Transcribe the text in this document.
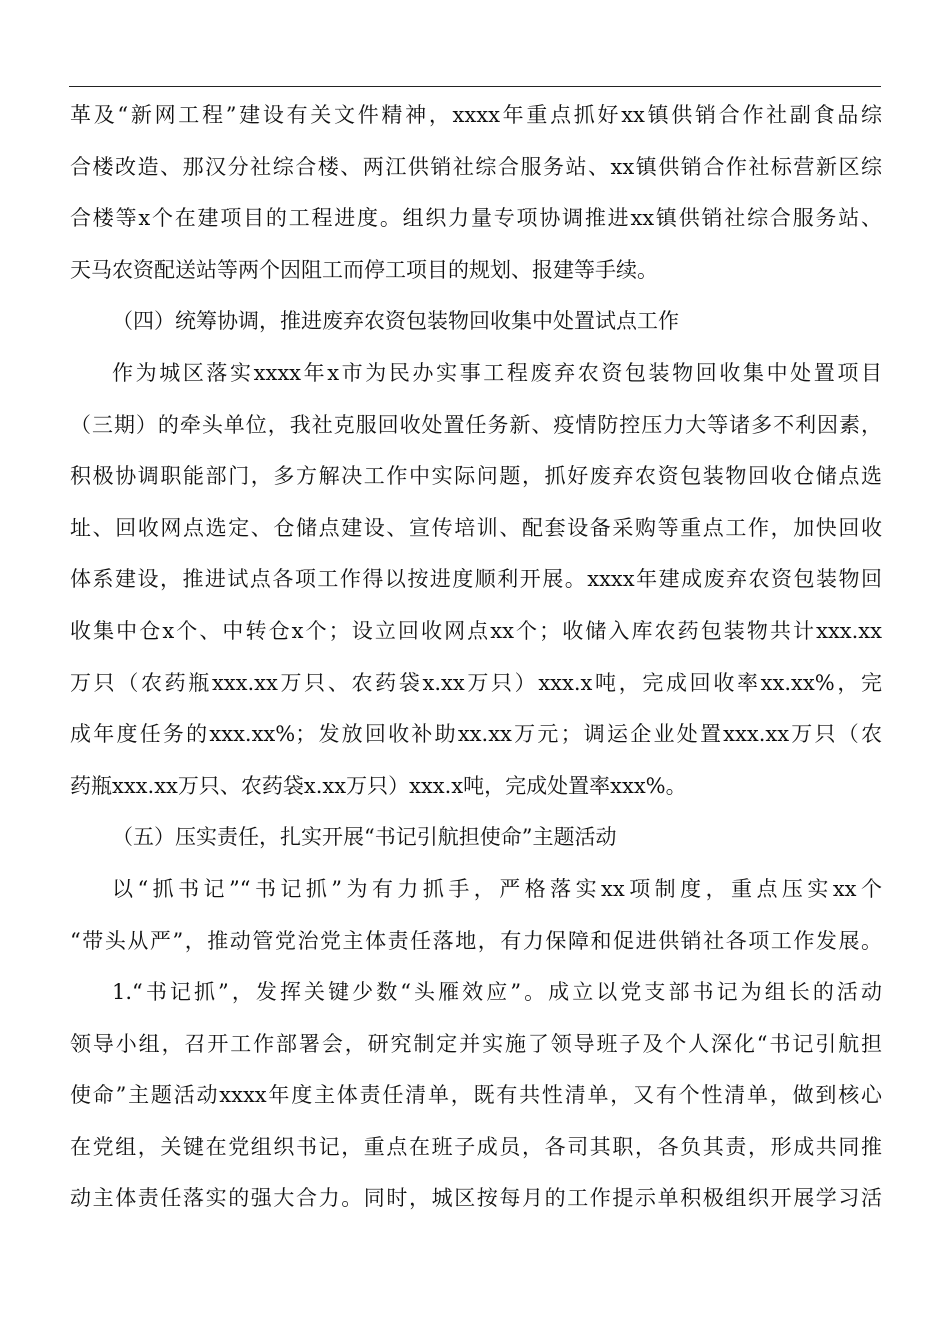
革及“新网工程”建设有关文件精神，xxxx年重点抓好xx镇供销合作社副食品综
合楼改造、那汉分社综合楼、两江供销社综合服务站、xx镇供销合作社标营新区综
合楼等x个在建项目的工程进度。组织力量专项协调推进xx镇供销社综合服务站、
天马农资配送站等两个因阻工而停工项目的规划、报建等手续。
（四）统筹协调，推进废弃农资包装物回收集中处置试点工作
作为城区落实xxxx年x市为民办实事工程废弃农资包装物回收集中处置项目
（三期）的牵头单位，我社克服回收处置任务新、疫情防控压力大等诸多不利因素，
积极协调职能部门，多方解决工作中实际问题，抓好废弃农资包装物回收仓储点选
址、回收网点选定、仓储点建设、宣传培训、配套设备采购等重点工作，加快回收
体系建设，推进试点各项工作得以按进度顺利开展。xxxx年建成废弃农资包装物回
收集中仓x个、中转仓x个；设立回收网点xx个；收储入库农药包装物共计xxx.xx
万只（农药瓶xxx.xx万只、农药袋x.xx万只）xxx.x吨，完成回收率xx.xx%，完
成年度任务的xxx.xx%；发放回收补助xx.xx万元；调运企业处置xxx.xx万只（农
药瓶xxx.xx万只、农药袋x.xx万只）xxx.x吨，完成处置率xxx%。
（五）压实责任，扎实开展“书记引航担使命”主题活动
以“抓书记”“书记抓”为有力抓手，严格落实xx项制度，重点压实xx个
“带头从严”，推动管党治党主体责任落地，有力保障和促进供销社各项工作发展。
1.“书记抓”，发挥关键少数“头雁效应”。成立以党支部书记为组长的活动
领导小组，召开工作部署会，研究制定并实施了领导班子及个人深化“书记引航担
使命”主题活动xxxx年度主体责任清单，既有共性清单，又有个性清单，做到核心
在党组，关键在党组织书记，重点在班子成员，各司其职，各负其责，形成共同推
动主体责任落实的强大合力。同时，城区按每月的工作提示单积极组织开展学习活
